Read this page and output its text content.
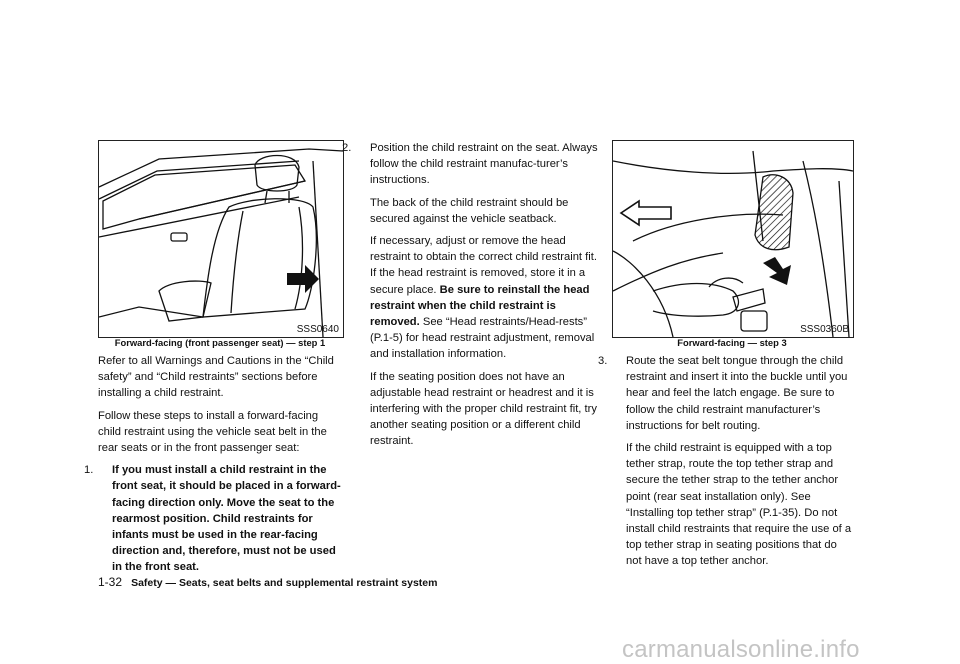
SSS0640
Forward-facing (front passenger seat) — step 1

Refer to all Warnings and Cautions in the “Child safety” and “Child restraints” sections before installing a child restraint.

Follow these steps to install a forward-facing child restraint using the vehicle seat belt in the rear seats or in the front passenger seat:

1. If you must install a child restraint in the front seat, it should be placed in a forward-facing direction only. Move the seat to the rearmost position. Child restraints for infants must be used in the rear-facing direction and, therefore, must not be used in the front seat.

2. Position the child restraint on the seat. Always follow the child restraint manufac-turer’s instructions.

The back of the child restraint should be secured against the vehicle seatback.

If necessary, adjust or remove the head restraint to obtain the correct child restraint fit. If the head restraint is removed, store it in a secure place. Be sure to reinstall the head restraint when the child restraint is removed. See “Head restraints/Head-rests” (P.1-5) for head restraint adjustment, removal and installation information.

If the seating position does not have an adjustable head restraint or headrest and it is interfering with the proper child restraint fit, try another seating position or a different child restraint.

SSS0360B
Forward-facing — step 3

3. Route the seat belt tongue through the child restraint and insert it into the buckle until you hear and feel the latch engage. Be sure to follow the child restraint manufacturer’s instructions for belt routing.

If the child restraint is equipped with a top tether strap, route the top tether strap and secure the tether strap to the tether anchor point (rear seat installation only). See “Installing top tether strap” (P.1-35). Do not install child restraints that require the use of a top tether strap in seating positions that do not have a top tether anchor.

1-32 Safety — Seats, seat belts and supplemental restraint system
carmanualsonline.info
